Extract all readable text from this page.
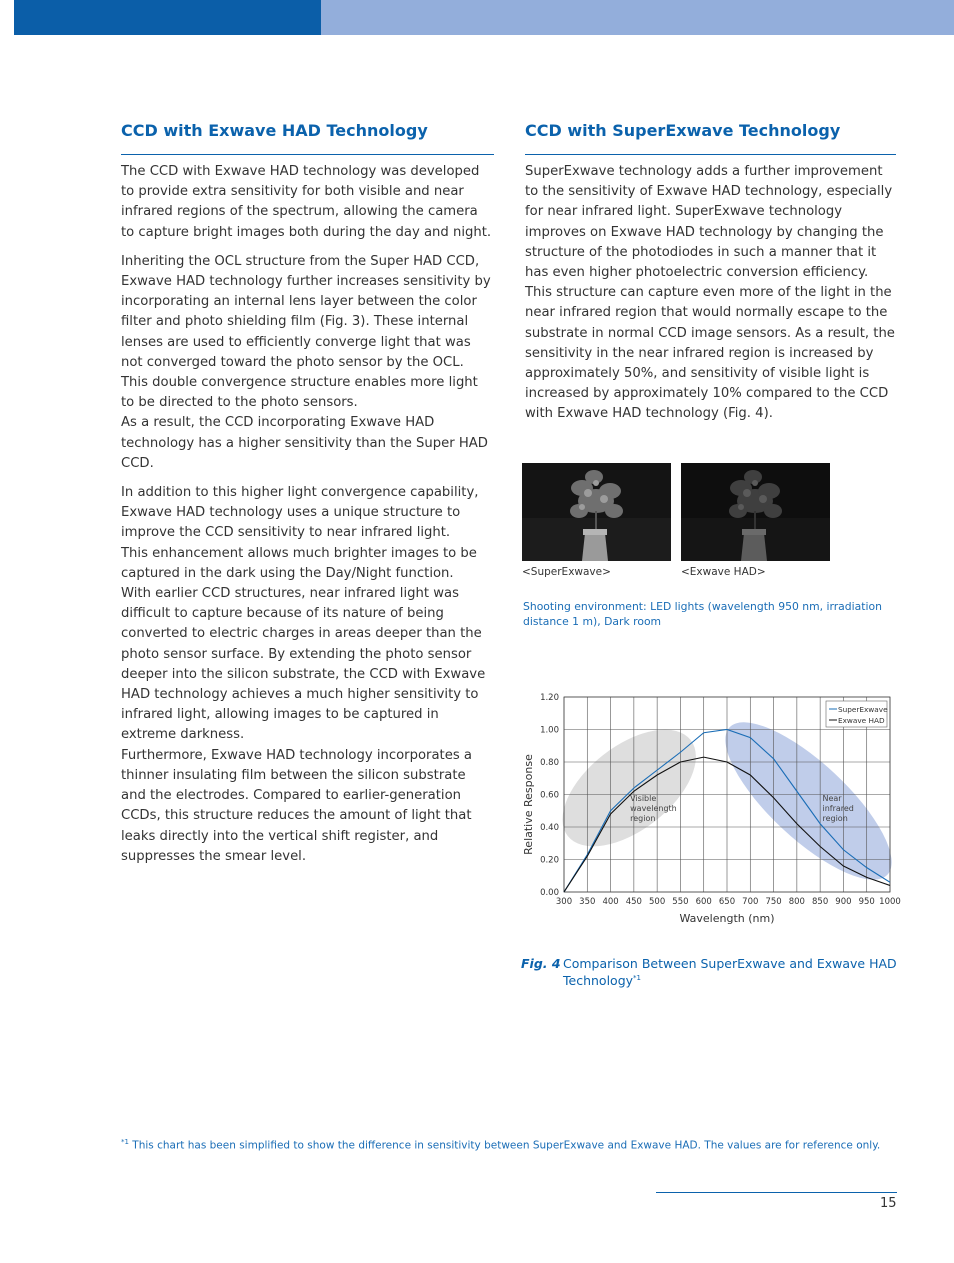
CCD with Exwave HAD Technology

The CCD with Exwave HAD technology was developed to provide extra sensitivity for both visible and near infrared regions of the spectrum, allowing the camera to capture bright images both during the day and night.

Inheriting the OCL structure from the Super HAD CCD, Exwave HAD technology further increases sensitivity by incorporating an internal lens layer between the color filter and photo shielding film (Fig. 3). These internal lenses are used to efficiently converge light that was not converged toward the photo sensor by the OCL. This double convergence structure enables more light to be directed to the photo sensors.
As a result, the CCD incorporating Exwave HAD technology has a higher sensitivity than the Super HAD CCD.

In addition to this higher light convergence capability, Exwave HAD technology uses a unique structure to improve the CCD sensitivity to near infrared light.
This enhancement allows much brighter images to be captured in the dark using the Day/Night function.
With earlier CCD structures, near infrared light was difficult to capture because of its nature of being converted to electric charges in areas deeper than the photo sensor surface. By extending the photo sensor deeper into the silicon substrate, the CCD with Exwave HAD technology achieves a much higher sensitivity to infrared light, allowing images to be captured in extreme darkness.
Furthermore, Exwave HAD technology incorporates a thinner insulating film between the silicon substrate and the electrodes. Compared to earlier-generation CCDs, this structure reduces the amount of light that leaks directly into the vertical shift register, and suppresses the smear level.

CCD with SuperExwave Technology

SuperExwave technology adds a further improvement to the sensitivity of Exwave HAD technology, especially for near infrared light. SuperExwave technology improves on Exwave HAD technology by changing the structure of the photodiodes in such a manner that it has even higher photoelectric conversion efficiency. This structure can capture even more of the light in the near infrared region that would normally escape to the substrate in normal CCD image sensors. As a result, the sensitivity in the near infrared region is increased by approximately 50%, and sensitivity of visible light is increased by approximately 10% compared to the CCD with Exwave HAD technology (Fig. 4).

<SuperExwave>	<Exwave HAD>
Shooting environment: LED lights (wavelength 950 nm, irradiation distance 1 m), Dark room
300 350 400 450 500 550 600 650 700 750 800 850 900 950 1000
0.00
0.20
0.40
0.60
0.80
1.00
1.20
Visible wavelength region
Near infrared region
SuperExwave
Exwave HAD
Wavelength (nm)
Relative Response
Fig. 4 Comparison Between SuperExwave and Exwave HAD Technology$^{*1}$
$^{*1}$ This chart has been simplified to show the difference in sensitivity between SuperExwave and Exwave HAD. The values are for reference only.
15
